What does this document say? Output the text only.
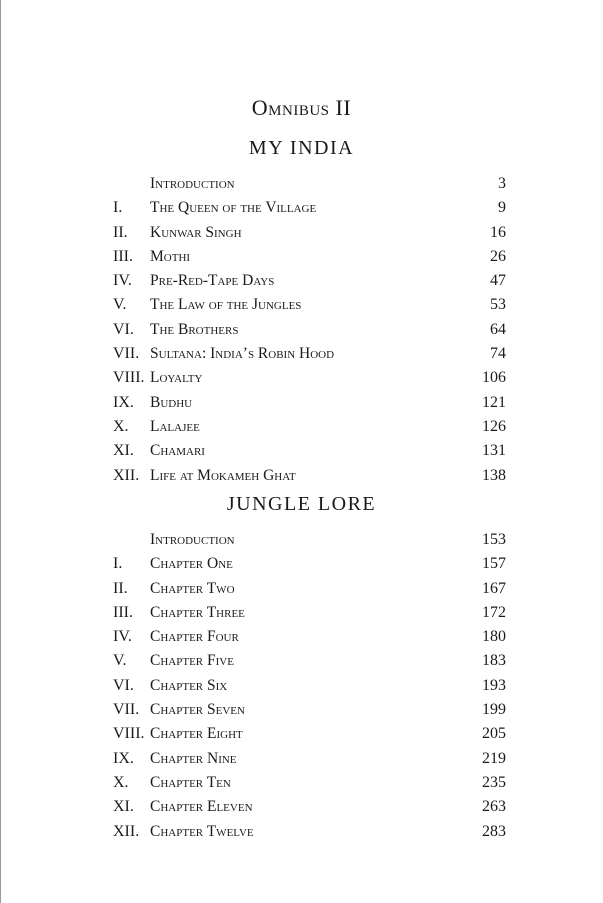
Omnibus II
MY INDIA
Introduction	3
I. The Queen of the Village	9
II. Kunwar Singh	16
III. Mothi	26
IV. Pre-Red-Tape Days	47
V. The Law of the Jungles	53
VI. The Brothers	64
VII. Sultana: India’s Robin Hood	74
VIII. Loyalty	106
IX. Budhu	121
X. Lalajee	126
XI. Chamari	131
XII. Life at Mokameh Ghat	138
JUNGLE LORE
Introduction	153
I. Chapter One	157
II. Chapter Two	167
III. Chapter Three	172
IV. Chapter Four	180
V. Chapter Five	183
VI. Chapter Six	193
VII. Chapter Seven	199
VIII. Chapter Eight	205
IX. Chapter Nine	219
X. Chapter Ten	235
XI. Chapter Eleven	263
XII. Chapter Twelve	283
